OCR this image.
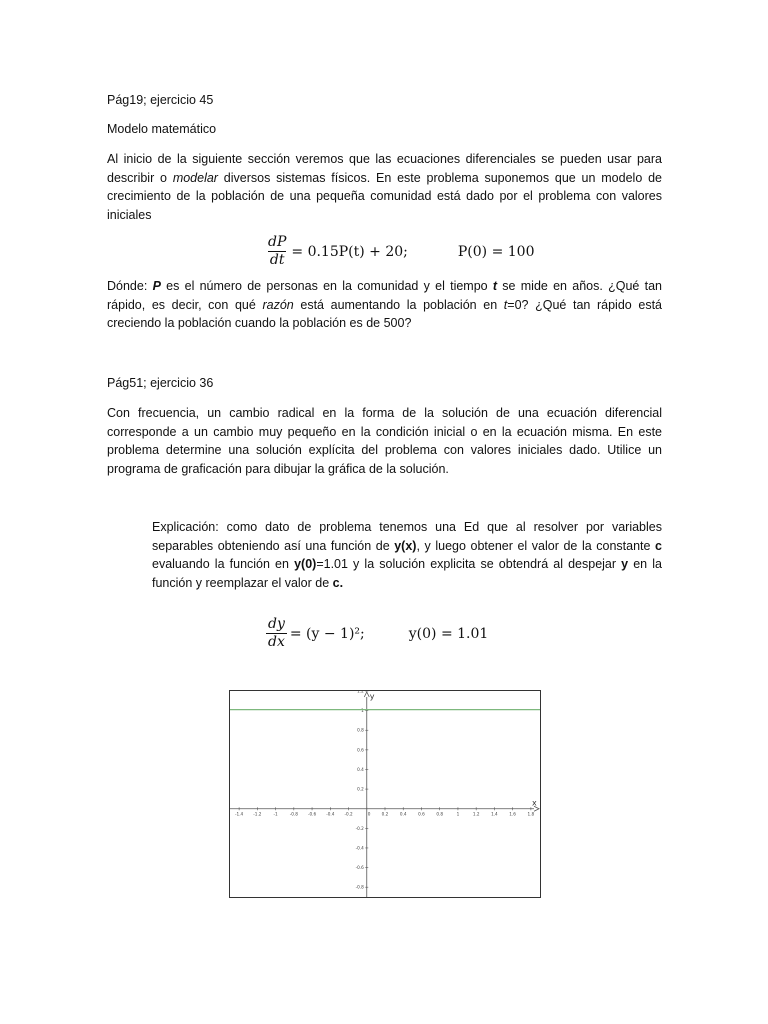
Pág19; ejercicio 45
Modelo matemático
Al inicio de la siguiente sección veremos que las ecuaciones diferenciales se pueden usar para describir o modelar diversos sistemas físicos. En este problema suponemos que un modelo de crecimiento de la población de una pequeña comunidad está dado por el problema con valores iniciales
$\frac{dP}{dt} = 0.15P(t) + 20$;	P(0) = 100
Dónde: P es el número de personas en la comunidad y el tiempo t se mide en años. ¿Qué tan rápido, es decir, con qué razón está aumentando la población en t=0? ¿Qué tan rápido está creciendo la población cuando la población es de 500?
Pág51; ejercicio 36
Con frecuencia, un cambio radical en la forma de la solución de una ecuación diferencial corresponde a un cambio muy pequeño en la condición inicial o en la ecuación misma. En este problema determine una solución explícita del problema con valores iniciales dado. Utilice un programa de graficación para dibujar la gráfica de la solución.
Explicación: como dato de problema tenemos una Ed que al resolver por variables separables obteniendo así una función de y(x), y luego obtener el valor de la constante c evaluando la función en y(0)=1.01 y la solución explicita se obtendrá al despejar y en la función y reemplazar el valor de c.
$\frac{dy}{dx} = (y - 1)^2$;	y(0) = 1.01
x
y
-1.4 -1.2	-1	-0.8 -0.6 -0.4 -0.2	0	0.2	0.4	0.6	0.8	1	1.2	1.4	1.6	1.8
1.2
1
0.8
0.6
0.4
0.2
-0.2
-0.4
-0.6
-0.8
